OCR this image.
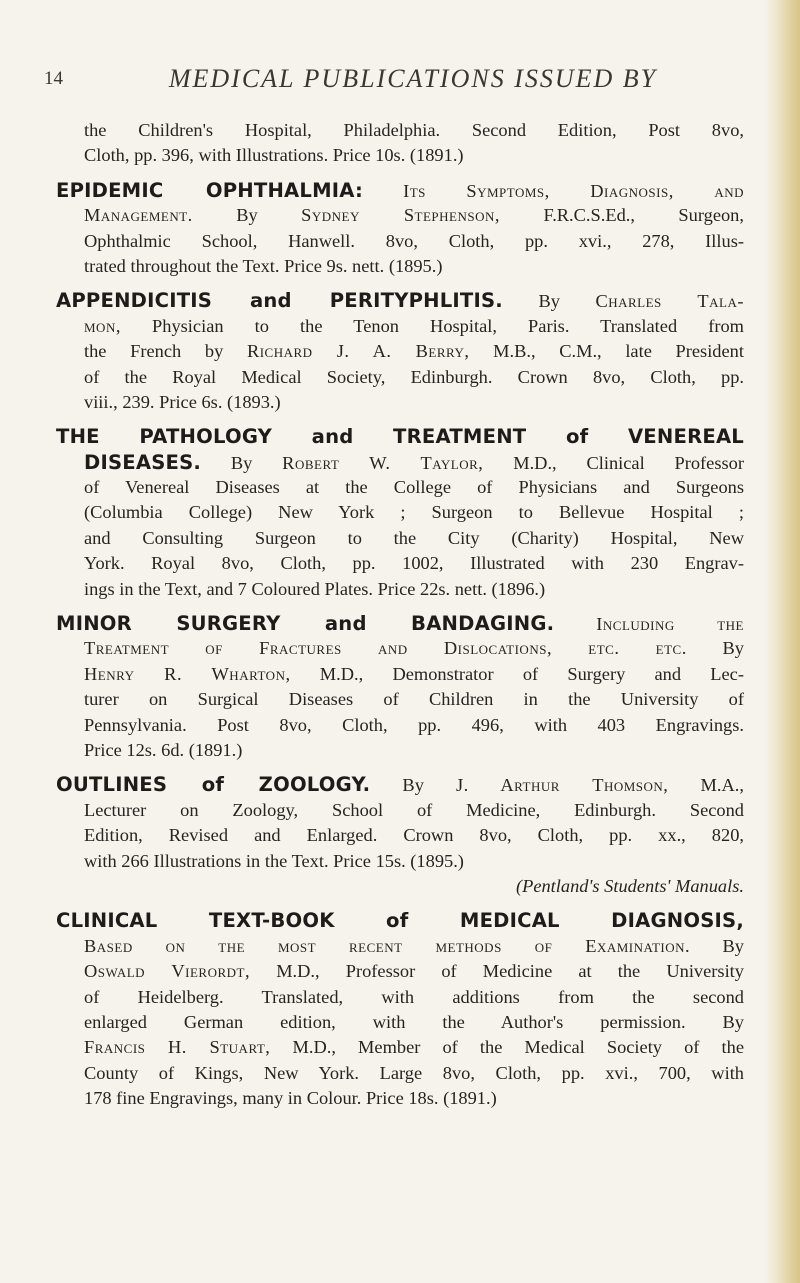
14	MEDICAL PUBLICATIONS ISSUED BY
the Children's Hospital, Philadelphia. Second Edition, Post 8vo,
Cloth, pp. 396, with Illustrations. Price 10s. (1891.)
EPIDEMIC OPHTHALMIA: Its Symptoms, Diagnosis, and
Management. By Sydney Stephenson, F.R.C.S.Ed., Surgeon,
Ophthalmic School, Hanwell. 8vo, Cloth, pp. xvi., 278, Illus-
trated throughout the Text. Price 9s. nett. (1895.)
APPENDICITIS and PERITYPHLITIS. By Charles Tala-
mon, Physician to the Tenon Hospital, Paris. Translated from
the French by Richard J. A. Berry, M.B., C.M., late President
of the Royal Medical Society, Edinburgh. Crown 8vo, Cloth, pp.
viii., 239. Price 6s. (1893.)
THE PATHOLOGY and TREATMENT of VENEREAL
DISEASES. By Robert W. Taylor, M.D., Clinical Professor
of Venereal Diseases at the College of Physicians and Surgeons
(Columbia College) New York ; Surgeon to Bellevue Hospital ;
and Consulting Surgeon to the City (Charity) Hospital, New
York. Royal 8vo, Cloth, pp. 1002, Illustrated with 230 Engrav-
ings in the Text, and 7 Coloured Plates. Price 22s. nett. (1896.)
MINOR SURGERY and BANDAGING. Including the
Treatment of Fractures and Dislocations, etc. etc. By
Henry R. Wharton, M.D., Demonstrator of Surgery and Lec-
turer on Surgical Diseases of Children in the University of
Pennsylvania. Post 8vo, Cloth, pp. 496, with 403 Engravings.
Price 12s. 6d. (1891.)
OUTLINES of ZOOLOGY. By J. Arthur Thomson, M.A.,
Lecturer on Zoology, School of Medicine, Edinburgh. Second
Edition, Revised and Enlarged. Crown 8vo, Cloth, pp. xx., 820,
with 266 Illustrations in the Text. Price 15s. (1895.)
(Pentland's Students' Manuals.
CLINICAL TEXT-BOOK of MEDICAL DIAGNOSIS,
Based on the most recent methods of Examination. By
Oswald Vierordt, M.D., Professor of Medicine at the University
of Heidelberg. Translated, with additions from the second
enlarged German edition, with the Author's permission. By
Francis H. Stuart, M.D., Member of the Medical Society of the
County of Kings, New York. Large 8vo, Cloth, pp. xvi., 700, with
178 fine Engravings, many in Colour. Price 18s. (1891.)
